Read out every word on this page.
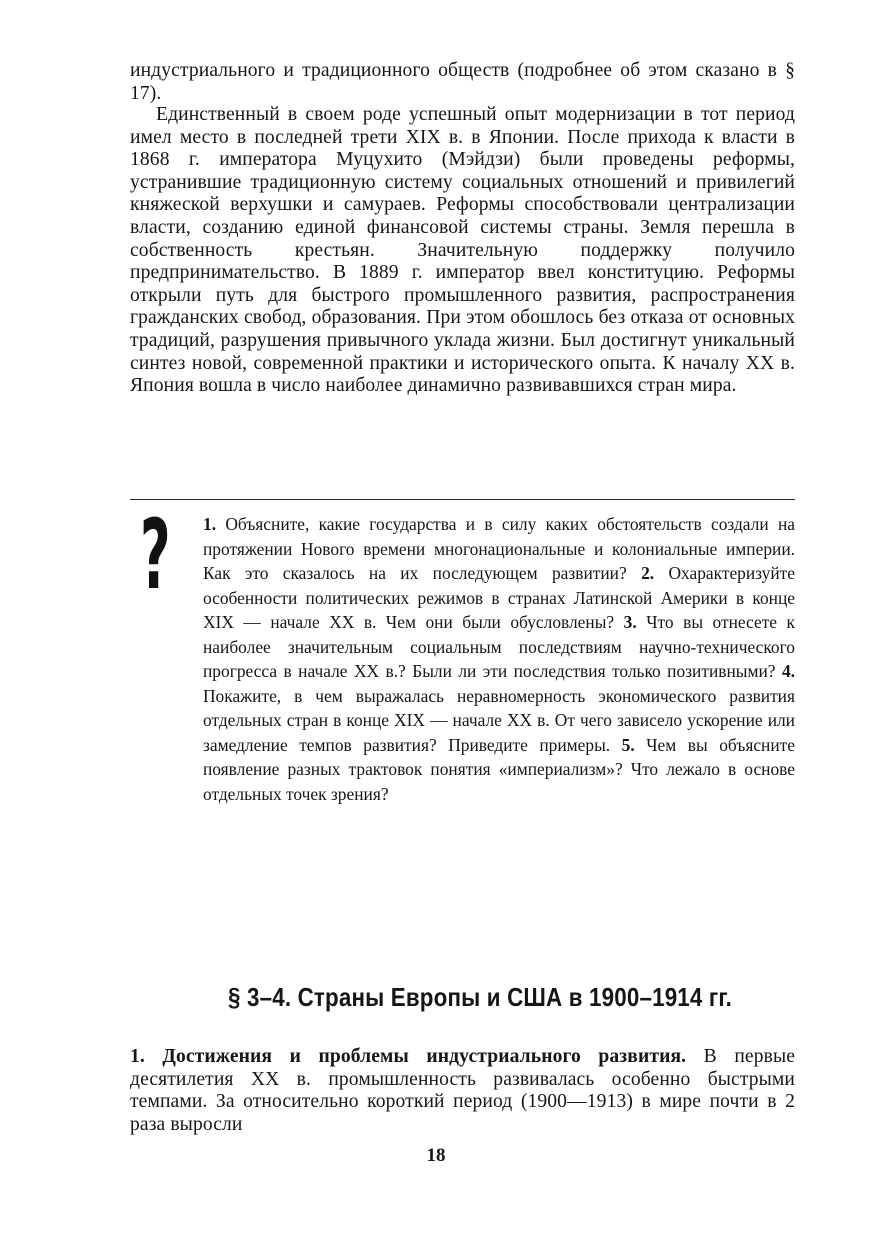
индустриального и традиционного обществ (подробнее об этом сказано в § 17).

Единственный в своем роде успешный опыт модернизации в тот период имел место в последней трети XIX в. в Японии. После прихода к власти в 1868 г. императора Муцухито (Мэйдзи) были проведены реформы, устранившие традиционную систему социальных отношений и привилегий княжеской верхушки и самураев. Реформы способствовали централизации власти, созданию единой финансовой системы страны. Земля перешла в собственность крестьян. Значительную поддержку получило предпринимательство. В 1889 г. император ввел конституцию. Реформы открыли путь для быстрого промышленного развития, распространения гражданских свобод, образования. При этом обошлось без отказа от основных традиций, разрушения привычного уклада жизни. Был достигнут уникальный синтез новой, современной практики и исторического опыта. К началу XX в. Япония вошла в число наиболее динамично развивавшихся стран мира.

? 1. Объясните, какие государства и в силу каких обстоятельств создали на протяжении Нового времени многонациональные и колониальные империи. Как это сказалось на их последующем развитии? 2. Охарактеризуйте особенности политических режимов в странах Латинской Америки в конце XIX — начале XX в. Чем они были обусловлены? 3. Что вы отнесете к наиболее значительным социальным последствиям научно-технического прогресса в начале XX в.? Были ли эти последствия только позитивными? 4. Покажите, в чем выражалась неравномерность экономического развития отдельных стран в конце XIX — начале XX в. От чего зависело ускорение или замедление темпов развития? Приведите примеры. 5. Чем вы объясните появление разных трактовок понятия «империализм»? Что лежало в основе отдельных точек зрения?

§ 3–4. Страны Европы и США в 1900–1914 гг.

1. Достижения и проблемы индустриального развития. В первые десятилетия XX в. промышленность развивалась особенно быстрыми темпами. За относительно короткий период (1900—1913) в мире почти в 2 раза выросли

18
